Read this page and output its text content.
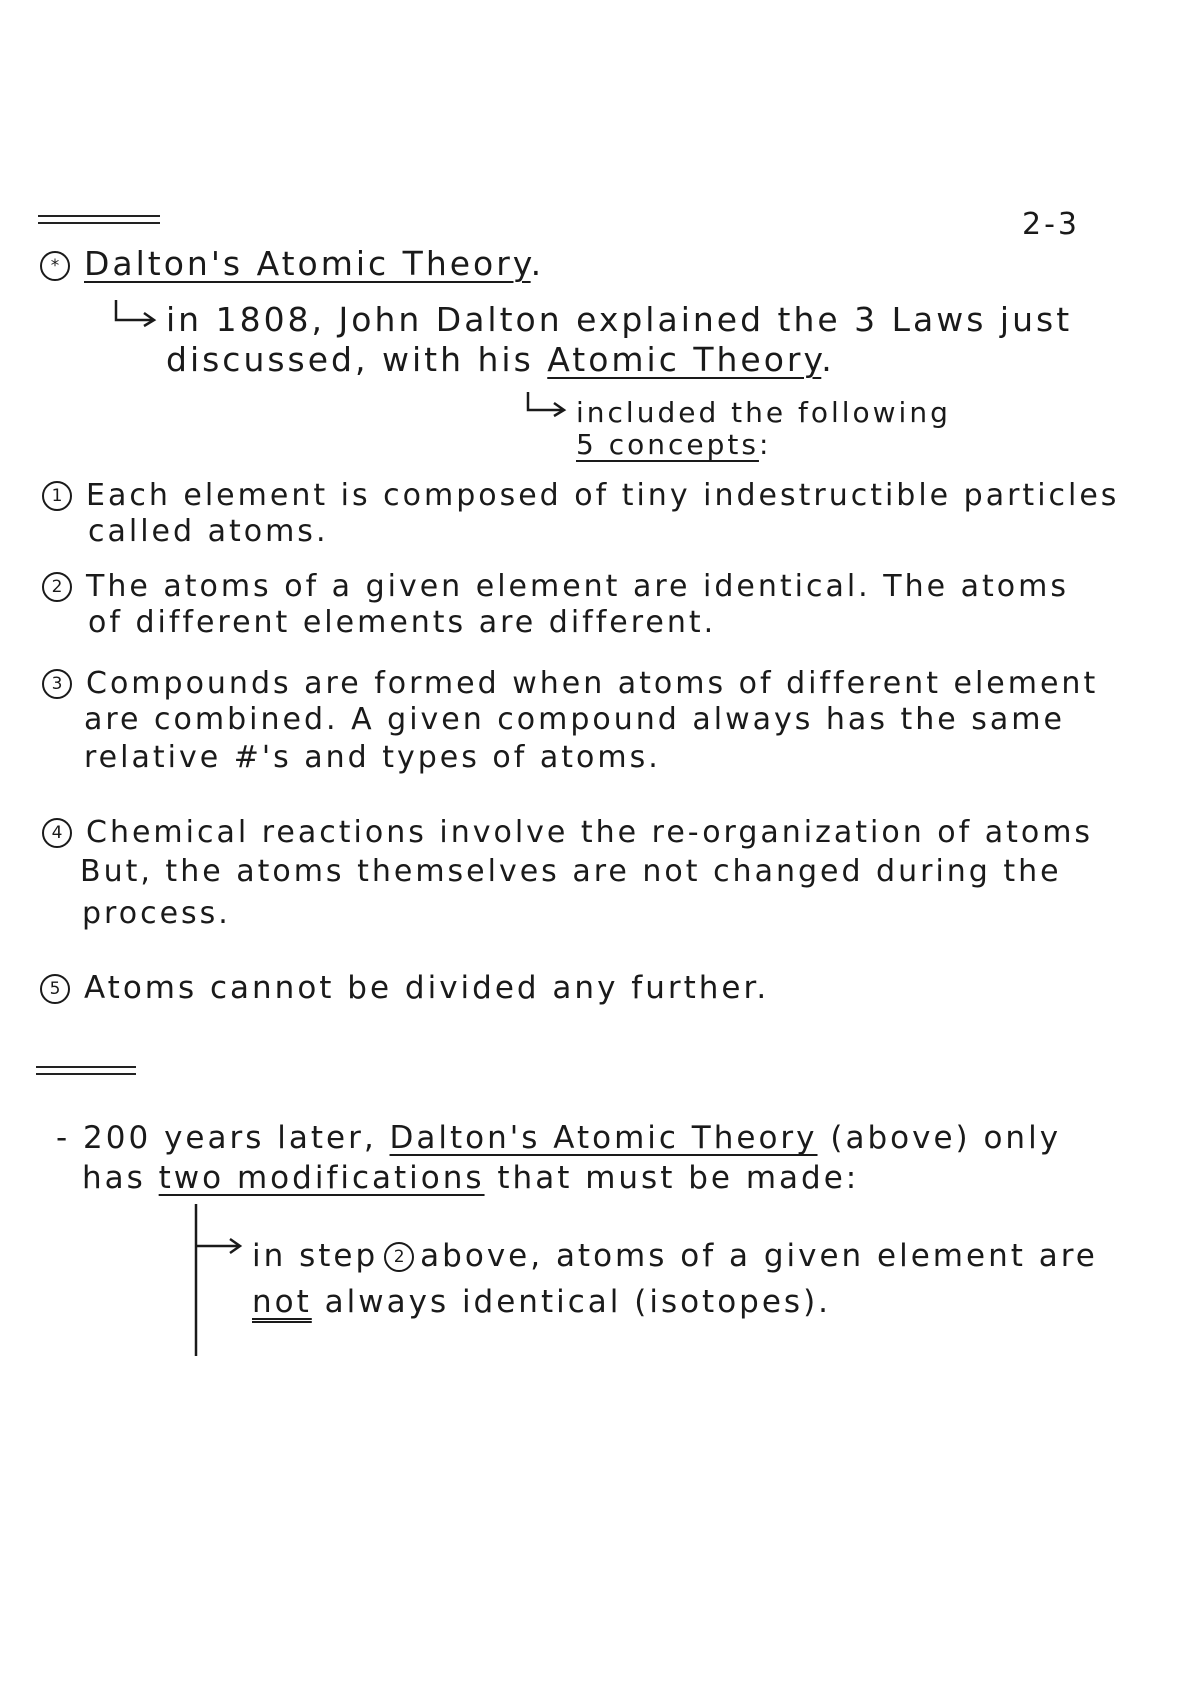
2-3
* Dalton's Atomic Theory.
in 1808, John Dalton explained the 3 Laws just
discussed, with his Atomic Theory.
included the following
5 concepts:
1 Each element is composed of tiny indestructible particles
called atoms.
2 The atoms of a given element are identical. The atoms
of different elements are different.
3 Compounds are formed when atoms of different element
are combined. A given compound always has the same
relative #'s and types of atoms.
4 Chemical reactions involve the re-organization of atoms
But, the atoms themselves are not changed during the
process.
5 Atoms cannot be divided any further.
- 200 years later, Dalton's Atomic Theory (above) only
has two modifications that must be made:
in step 2 above, atoms of a given element are
not always identical (isotopes).
